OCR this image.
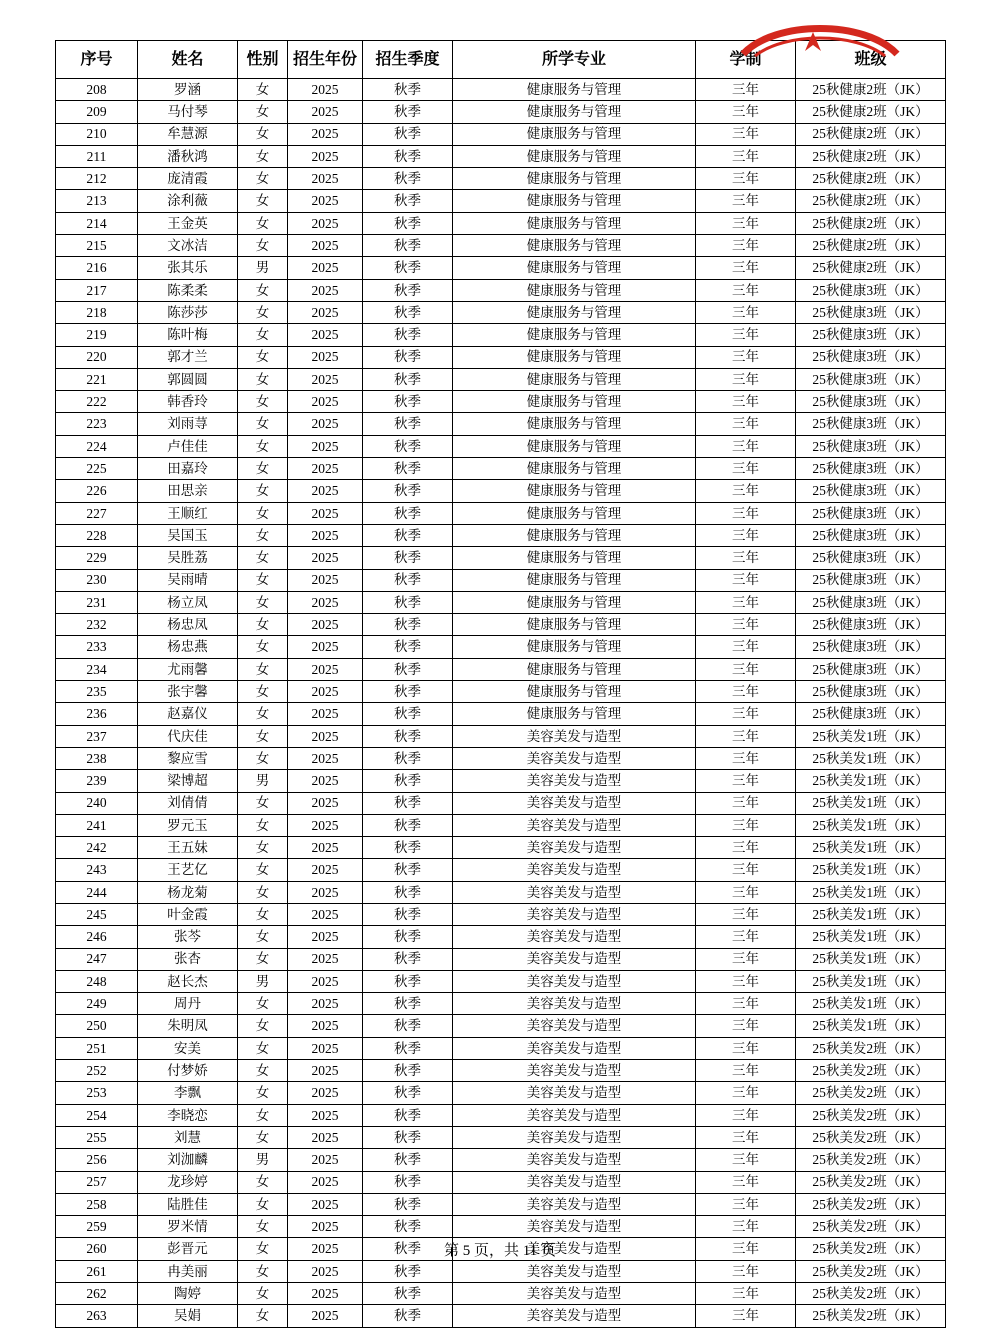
序号	姓名	性别	招生年份	招生季度	所学专业	学制	班级
208	罗涵	女	2025	秋季	健康服务与管理	三年	25秋健康2班（JK）
209	马付琴	女	2025	秋季	健康服务与管理	三年	25秋健康2班（JK）
210	牟慧源	女	2025	秋季	健康服务与管理	三年	25秋健康2班（JK）
211	潘秋鸿	女	2025	秋季	健康服务与管理	三年	25秋健康2班（JK）
212	庞清霞	女	2025	秋季	健康服务与管理	三年	25秋健康2班（JK）
213	涂利薇	女	2025	秋季	健康服务与管理	三年	25秋健康2班（JK）
214	王金英	女	2025	秋季	健康服务与管理	三年	25秋健康2班（JK）
215	文冰洁	女	2025	秋季	健康服务与管理	三年	25秋健康2班（JK）
216	张其乐	男	2025	秋季	健康服务与管理	三年	25秋健康2班（JK）
217	陈柔柔	女	2025	秋季	健康服务与管理	三年	25秋健康3班（JK）
218	陈莎莎	女	2025	秋季	健康服务与管理	三年	25秋健康3班（JK）
219	陈叶梅	女	2025	秋季	健康服务与管理	三年	25秋健康3班（JK）
220	郭才兰	女	2025	秋季	健康服务与管理	三年	25秋健康3班（JK）
221	郭圆圆	女	2025	秋季	健康服务与管理	三年	25秋健康3班（JK）
222	韩香玲	女	2025	秋季	健康服务与管理	三年	25秋健康3班（JK）
223	刘雨荨	女	2025	秋季	健康服务与管理	三年	25秋健康3班（JK）
224	卢佳佳	女	2025	秋季	健康服务与管理	三年	25秋健康3班（JK）
225	田嘉玲	女	2025	秋季	健康服务与管理	三年	25秋健康3班（JK）
226	田思亲	女	2025	秋季	健康服务与管理	三年	25秋健康3班（JK）
227	王顺红	女	2025	秋季	健康服务与管理	三年	25秋健康3班（JK）
228	吴国玉	女	2025	秋季	健康服务与管理	三年	25秋健康3班（JK）
229	吴胜荔	女	2025	秋季	健康服务与管理	三年	25秋健康3班（JK）
230	吴雨晴	女	2025	秋季	健康服务与管理	三年	25秋健康3班（JK）
231	杨立凤	女	2025	秋季	健康服务与管理	三年	25秋健康3班（JK）
232	杨忠凤	女	2025	秋季	健康服务与管理	三年	25秋健康3班（JK）
233	杨忠燕	女	2025	秋季	健康服务与管理	三年	25秋健康3班（JK）
234	尤雨馨	女	2025	秋季	健康服务与管理	三年	25秋健康3班（JK）
235	张宇馨	女	2025	秋季	健康服务与管理	三年	25秋健康3班（JK）
236	赵嘉仪	女	2025	秋季	健康服务与管理	三年	25秋健康3班（JK）
237	代庆佳	女	2025	秋季	美容美发与造型	三年	25秋美发1班（JK）
238	黎应雪	女	2025	秋季	美容美发与造型	三年	25秋美发1班（JK）
239	梁博超	男	2025	秋季	美容美发与造型	三年	25秋美发1班（JK）
240	刘倩倩	女	2025	秋季	美容美发与造型	三年	25秋美发1班（JK）
241	罗元玉	女	2025	秋季	美容美发与造型	三年	25秋美发1班（JK）
242	王五妹	女	2025	秋季	美容美发与造型	三年	25秋美发1班（JK）
243	王艺亿	女	2025	秋季	美容美发与造型	三年	25秋美发1班（JK）
244	杨龙菊	女	2025	秋季	美容美发与造型	三年	25秋美发1班（JK）
245	叶金霞	女	2025	秋季	美容美发与造型	三年	25秋美发1班（JK）
246	张芩	女	2025	秋季	美容美发与造型	三年	25秋美发1班（JK）
247	张杏	女	2025	秋季	美容美发与造型	三年	25秋美发1班（JK）
248	赵长杰	男	2025	秋季	美容美发与造型	三年	25秋美发1班（JK）
249	周丹	女	2025	秋季	美容美发与造型	三年	25秋美发1班（JK）
250	朱明凤	女	2025	秋季	美容美发与造型	三年	25秋美发1班（JK）
251	安美	女	2025	秋季	美容美发与造型	三年	25秋美发2班（JK）
252	付梦娇	女	2025	秋季	美容美发与造型	三年	25秋美发2班（JK）
253	李飘	女	2025	秋季	美容美发与造型	三年	25秋美发2班（JK）
254	李晓恋	女	2025	秋季	美容美发与造型	三年	25秋美发2班（JK）
255	刘慧	女	2025	秋季	美容美发与造型	三年	25秋美发2班（JK）
256	刘泇麟	男	2025	秋季	美容美发与造型	三年	25秋美发2班（JK）
257	龙珍婷	女	2025	秋季	美容美发与造型	三年	25秋美发2班（JK）
258	陆胜佳	女	2025	秋季	美容美发与造型	三年	25秋美发2班（JK）
259	罗米情	女	2025	秋季	美容美发与造型	三年	25秋美发2班（JK）
260	彭晋元	女	2025	秋季	美容美发与造型	三年	25秋美发2班（JK）
261	冉美丽	女	2025	秋季	美容美发与造型	三年	25秋美发2班（JK）
262	陶婷	女	2025	秋季	美容美发与造型	三年	25秋美发2班（JK）
263	吴娟	女	2025	秋季	美容美发与造型	三年	25秋美发2班（JK）
第 5 页，共 11 页
